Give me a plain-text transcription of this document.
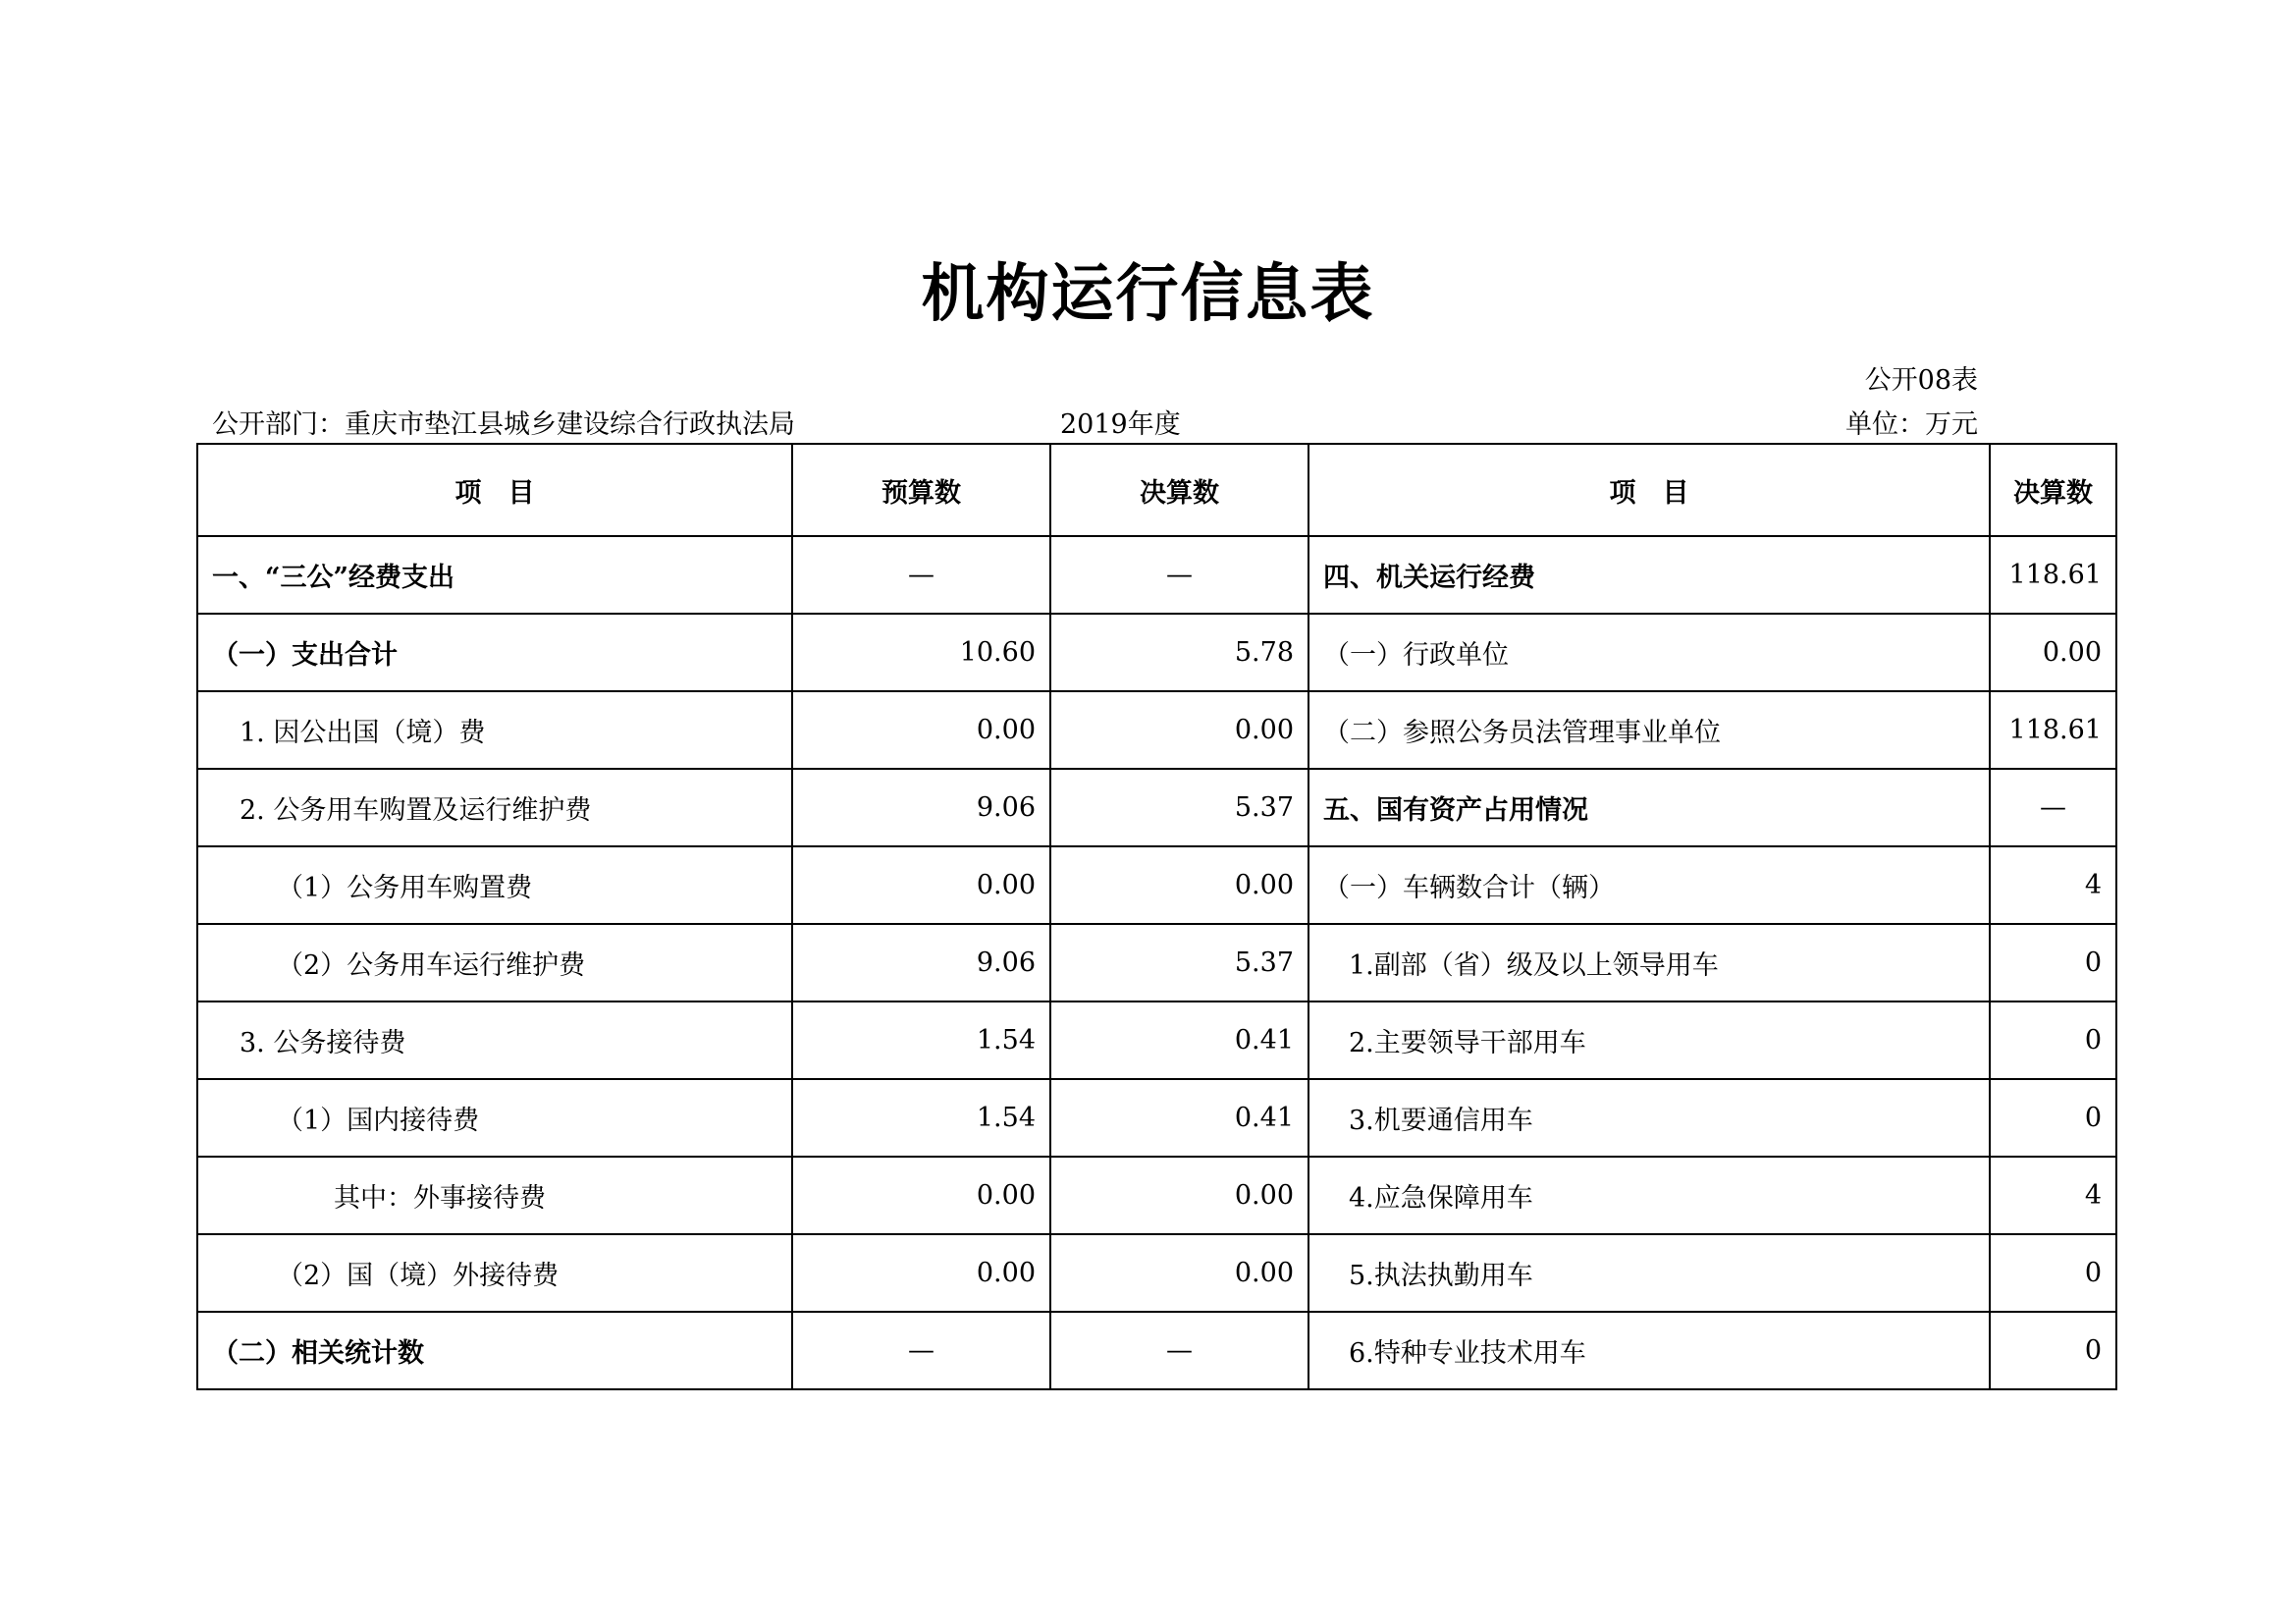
机构运行信息表
公开08表
公开部门：重庆市垫江县城乡建设综合行政执法局	2019年度	单位：万元
项　目	预算数	决算数	项　目	决算数
一、“三公”经费支出	—	—	四、机关运行经费	118.61
（一）支出合计	10.60	5.78	（一）行政单位	0.00
1. 因公出国（境）费	0.00	0.00	（二）参照公务员法管理事业单位	118.61
2. 公务用车购置及运行维护费	9.06	5.37	五、国有资产占用情况	—
（1）公务用车购置费	0.00	0.00	（一）车辆数合计（辆）	4
（2）公务用车运行维护费	9.06	5.37	1.副部（省）级及以上领导用车	0
3. 公务接待费	1.54	0.41	2.主要领导干部用车	0
（1）国内接待费	1.54	0.41	3.机要通信用车	0
其中：外事接待费	0.00	0.00	4.应急保障用车	4
（2）国（境）外接待费	0.00	0.00	5.执法执勤用车	0
（二）相关统计数	—	—	6.特种专业技术用车	0
